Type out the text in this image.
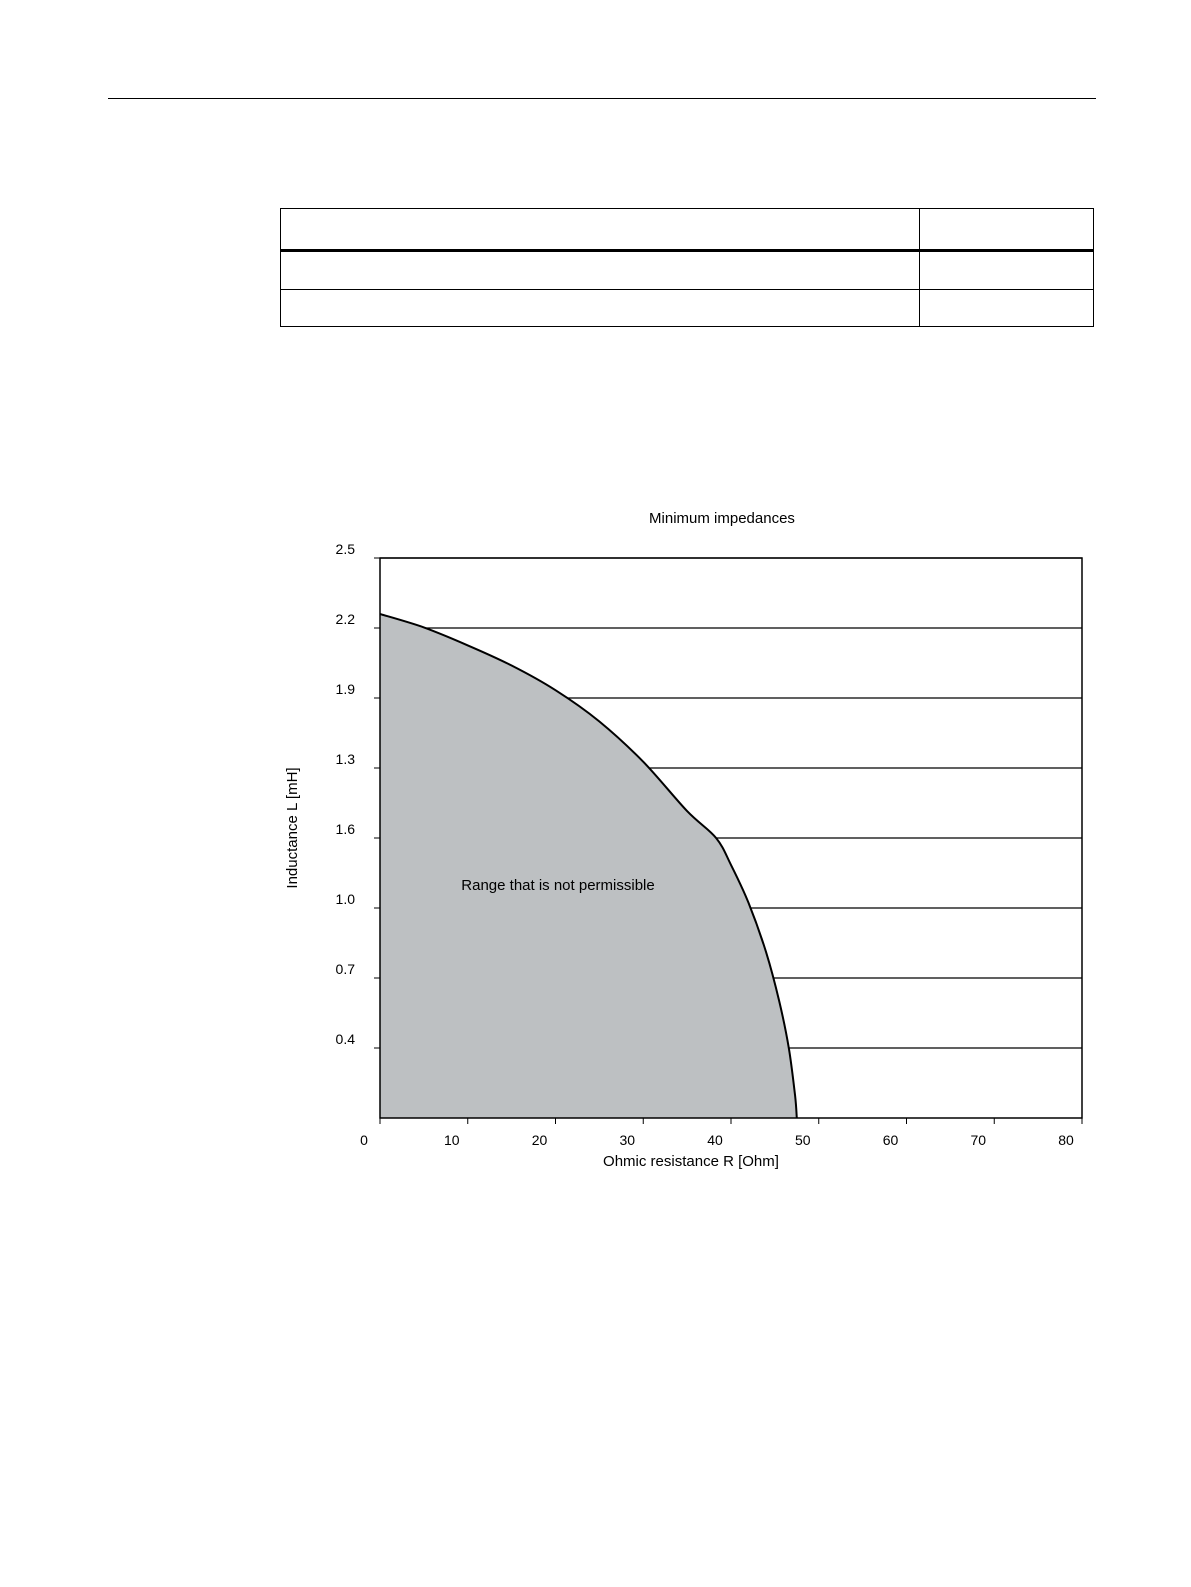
Minimum impedances
0.4
0.7
1.0
1.6
1.3
1.9
2.2
2.5
0	10	20	30	40	50	60	70	80
Range that is not permissible
Ohmic resistance R [Ohm]
Inductance L [mH]
